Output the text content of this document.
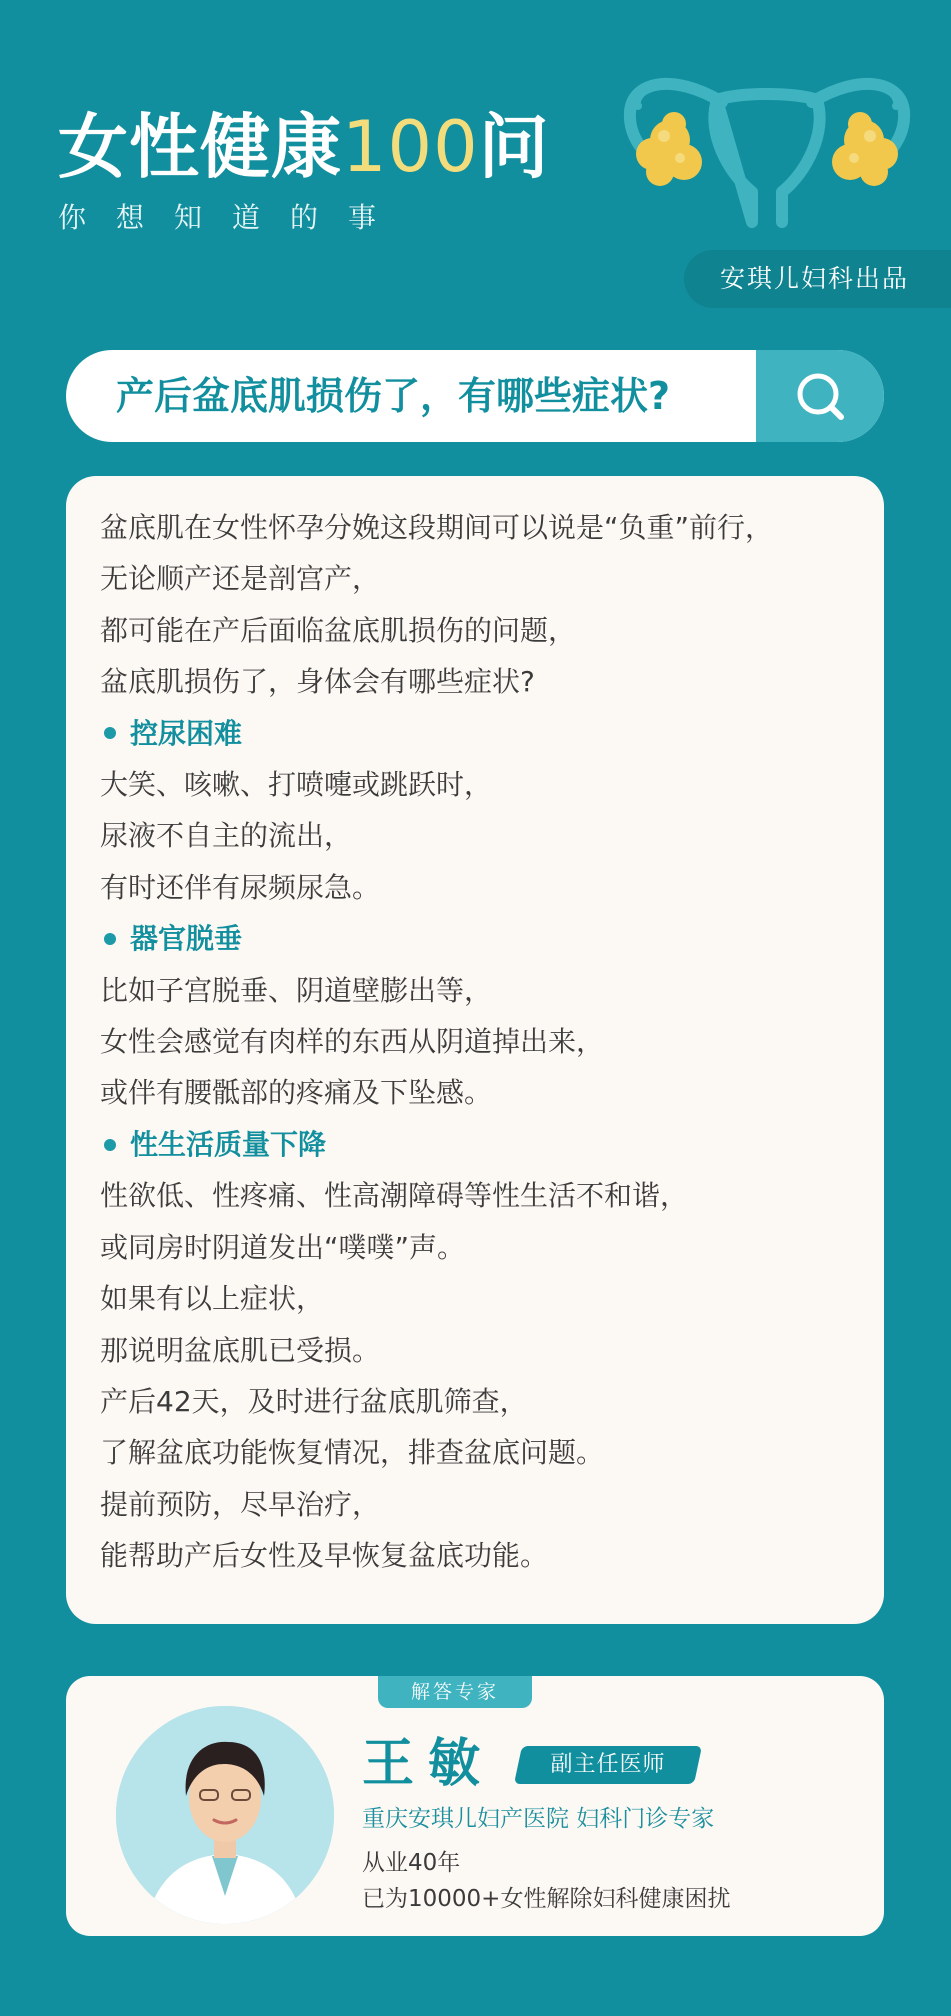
女性健康100问
你想知道的事
安琪儿妇科出品
产后盆底肌损伤了，有哪些症状?
盆底肌在女性怀孕分娩这段期间可以说是“负重”前行，
无论顺产还是剖宫产，
都可能在产后面临盆底肌损伤的问题，
盆底肌损伤了，身体会有哪些症状?
控尿困难
大笑、咳嗽、打喷嚏或跳跃时，
尿液不自主的流出，
有时还伴有尿频尿急。
器官脱垂
比如子宫脱垂、阴道壁膨出等，
女性会感觉有肉样的东西从阴道掉出来，
或伴有腰骶部的疼痛及下坠感。
性生活质量下降
性欲低、性疼痛、性高潮障碍等性生活不和谐，
或同房时阴道发出“噗噗”声。
如果有以上症状，
那说明盆底肌已受损。
产后42天，及时进行盆底肌筛查，
了解盆底功能恢复情况，排查盆底问题。
提前预防，尽早治疗，
能帮助产后女性及早恢复盆底功能。
解答专家
王敏	副主任医师
重庆安琪儿妇产医院 妇科门诊专家
从业40年
已为10000+女性解除妇科健康困扰
